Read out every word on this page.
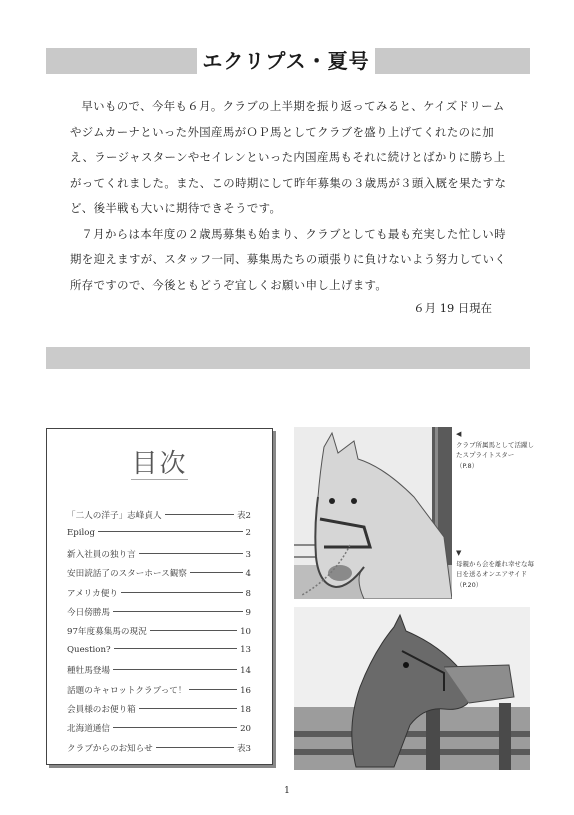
エクリプス・夏号

早いもので、今年も６月。クラブの上半期を振り返ってみると、ケイズドリームやジムカーナといった外国産馬がＯＰ馬としてクラブを盛り上げてくれたのに加え、ラージャスターンやセイレンといった内国産馬もそれに続けとばかりに勝ち上がってくれました。また、この時期にして昨年募集の３歳馬が３頭入厩を果たすなど、後半戦も大いに期待できそうです。

７月からは本年度の２歳馬募集も始まり、クラブとしても最も充実した忙しい時期を迎えますが、スタッフ一同、募集馬たちの頑張りに負けないよう努力していく所存ですので、今後ともどうぞ宜しくお願い申し上げます。

６月 19 日現在
目次
「二人の洋子」志峰貞人	表2
Epilog	2
新入社員の独り言	3
安田読話了のスターホース観察	4
アメリカ便り	8
今日傍勝馬	9
97年度募集馬の現況	10
Question?	13
種牡馬登場	14
話題のキャロットクラブって！	16
会員様のお便り箱	18
北海道通信	20
クラブからのお知らせ	表3
◀
クラブ所属馬として活躍したスプライトスター　（P.8）
▼
母親から会を離れ幸せな毎日を送るオンエアサイド　（P.20）
1
